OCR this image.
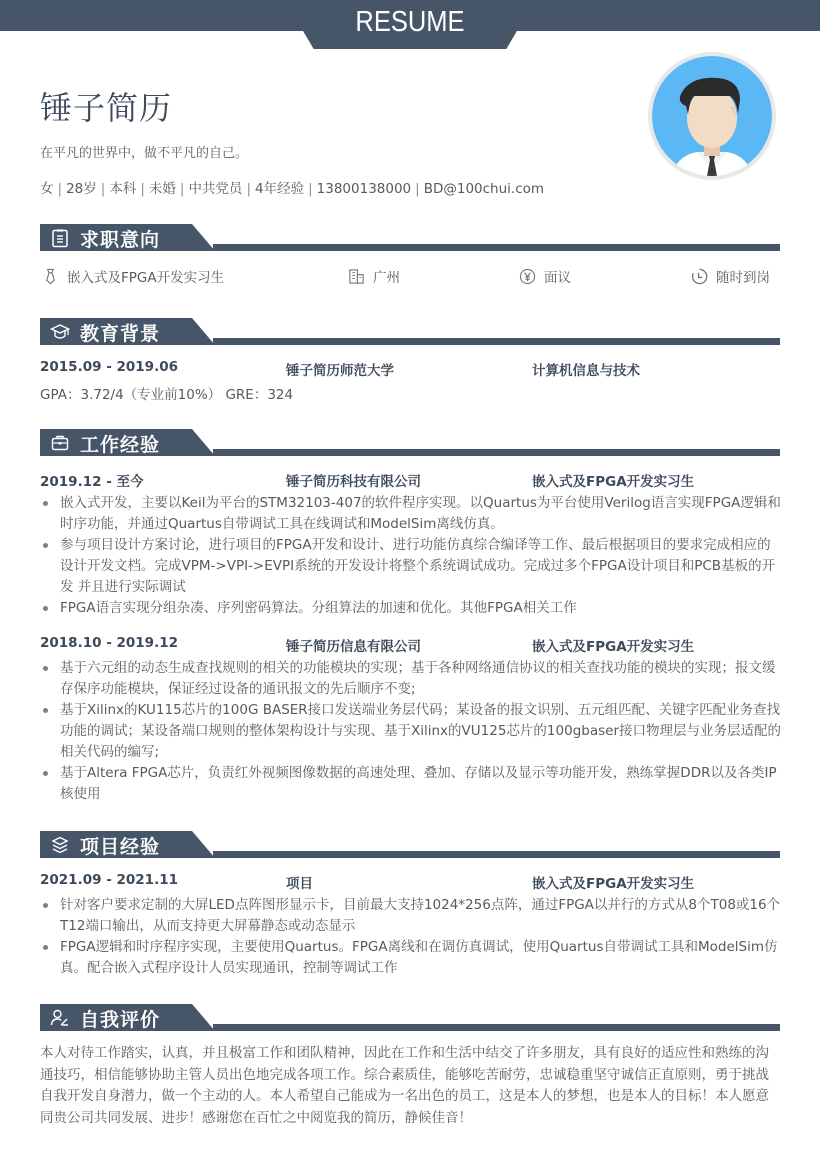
RESUME
锤子简历
在平凡的世界中，做不平凡的自己。
女 | 28岁 | 本科 | 未婚 | 中共党员 | 4年经验 | 13800138000 | BD@100chui.com
求职意向
嵌入式及FPGA开发实习生	广州	面议	随时到岗
教育背景
2015.09 - 2019.06	锤子简历师范大学	计算机信息与技术
GPA：3.72/4（专业前10%） GRE：324
工作经验
2019.12 - 至今	锤子简历科技有限公司	嵌入式及FPGA开发实习生
嵌入式开发，主要以Keil为平台的STM32103-407的软件程序实现。以Quartus为平台使用Verilog语言实现FPGA逻辑和时序功能，并通过Quartus自带调试工具在线调试和ModelSim离线仿真。
参与项目设计方案讨论，进行项目的FPGA开发和设计、进行功能仿真综合编译等工作、最后根据项目的要求完成相应的设计开发文档。完成VPM->VPI->EVPI系统的开发设计将整个系统调试成功。完成过多个FPGA设计项目和PCB基板的开发 并且进行实际调试
FPGA语言实现分组杂凑、序列密码算法。分组算法的加速和优化。其他FPGA相关工作
2018.10 - 2019.12	锤子简历信息有限公司	嵌入式及FPGA开发实习生
基于六元组的动态生成查找规则的相关的功能模块的实现；基于各种网络通信协议的相关查找功能的模块的实现；报文缓存保序功能模块，保证经过设备的通讯报文的先后顺序不变;
基于Xilinx的KU115芯片的100G BASER接口发送端业务层代码；某设备的报文识别、五元组匹配、关键字匹配业务查找功能的调试；某设备端口规则的整体架构设计与实现、基于Xilinx的VU125芯片的100gbaser接口物理层与业务层适配的相关代码的编写;
基于Altera FPGA芯片，负责红外视频图像数据的高速处理、叠加、存储以及显示等功能开发，熟练掌握DDR以及各类IP核使用
项目经验
2021.09 - 2021.11	项目	嵌入式及FPGA开发实习生
针对客户要求定制的大屏LED点阵图形显示卡，目前最大支持1024*256点阵，通过FPGA以并行的方式从8个T08或16个T12端口输出，从而支持更大屏幕静态或动态显示
FPGA逻辑和时序程序实现，主要使用Quartus。FPGA离线和在调仿真调试，使用Quartus自带调试工具和ModelSim仿真。配合嵌入式程序设计人员实现通讯，控制等调试工作
自我评价
本人对待工作踏实，认真，并且极富工作和团队精神，因此在工作和生活中结交了许多朋友，具有良好的适应性和熟练的沟通技巧，相信能够协助主管人员出色地完成各项工作。综合素质佳，能够吃苦耐劳，忠诚稳重坚守诚信正直原则，勇于挑战自我开发自身潜力，做一个主动的人。本人希望自己能成为一名出色的员工，这是本人的梦想，也是本人的目标！本人愿意同贵公司共同发展、进步！感谢您在百忙之中阅览我的简历，静候佳音！
